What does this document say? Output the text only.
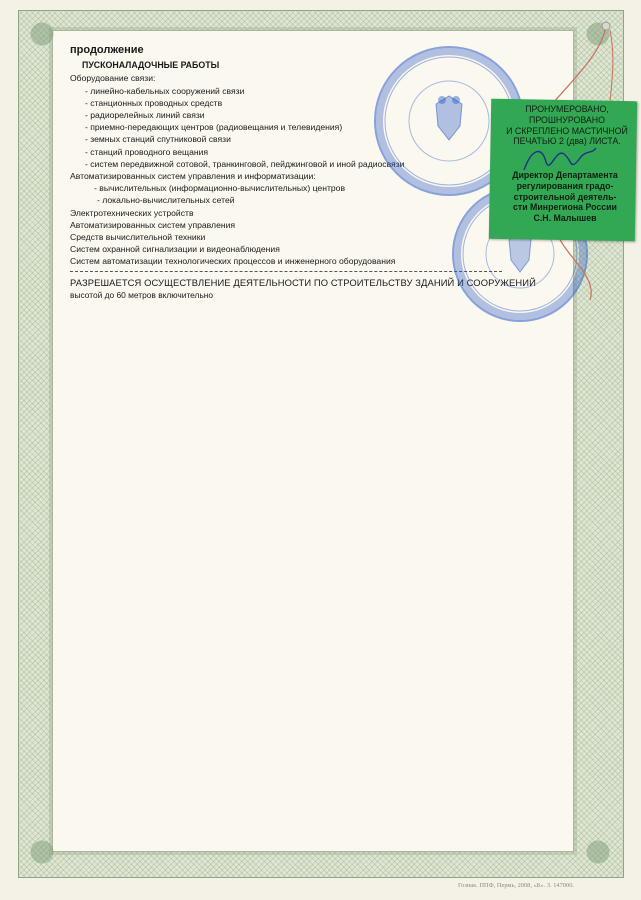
продолжение
ПУСКОНАЛАДОЧНЫЕ РАБОТЫ
Оборудование связи:
- линейно-кабельных сооружений связи
- станционных проводных средств
- радиорелейных линий связи
- приемно-передающих центров (радиовещания и телевидения)
- земных станций спутниковой связи
- станций проводного вещания
- систем передвижной сотовой, транкинговой, пейджинговой и иной радиосвязи
Автоматизированных систем управления и информатизации:
- вычислительных (информационно-вычислительных) центров
- локально-вычислительных сетей
Электротехнических устройств
Автоматизированных систем управления
Средств вычислительной техники
Систем охранной сигнализации и видеонаблюдения
Систем автоматизации технологических процессов и инженерного оборудования
РАЗРЕШАЕТСЯ ОСУЩЕСТВЛЕНИЕ ДЕЯТЕЛЬНОСТИ ПО СТРОИТЕЛЬСТВУ ЗДАНИЙ И СООРУЖЕНИЙ
высотой до 60 метров включительно
ПРОНУМЕРОВАНО,
ПРОШНУРОВАНО
И СКРЕПЛЕНО МАСТИЧНОЙ
ПЕЧАТЬЮ 2 (два) ЛИСТА.
Директор Департамента
регулирования градо-
строительной деятель-
сти Минрегиона России
С.Н. Малышев
Гознак. ППФ, Пермь, 2008, «Б». З. 147000.
